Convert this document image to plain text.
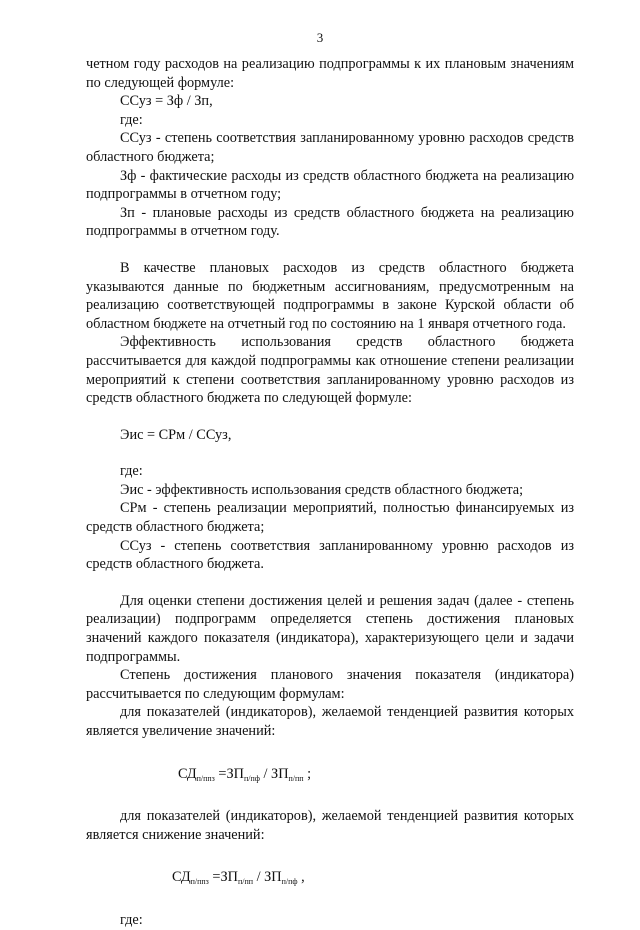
3

четном году расходов на реализацию подпрограммы к их плановым значениям по следующей формуле:

ССуз = Зф / Зп,

где:

ССуз - степень соответствия запланированному уровню расходов средств областного бюджета;

Зф - фактические расходы из средств областного бюджета на реализацию подпрограммы в отчетном году;

Зп - плановые расходы из средств областного бюджета на реализацию подпрограммы в отчетном году.

В качестве плановых расходов из средств областного бюджета указываются данные по бюджетным ассигнованиям, предусмотренным на реализацию соответствующей подпрограммы в законе Курской области об областном бюджете на отчетный год по состоянию на 1 января отчетного года.

Эффективность использования средств областного бюджета рассчитывается для каждой подпрограммы как отношение степени реализации мероприятий к степени соответствия запланированному уровню расходов из средств областного бюджета по следующей формуле:

Эис = СРм / ССуз,

где:

Эис - эффективность использования средств областного бюджета;

СРм - степень реализации мероприятий, полностью финансируемых из средств областного бюджета;

ССуз - степень соответствия запланированному уровню расходов из средств областного бюджета.

Для оценки степени достижения целей и решения задач (далее - степень реализации) подпрограмм определяется степень достижения плановых значений каждого показателя (индикатора), характеризующего цели и задачи подпрограммы.

Степень достижения планового значения показателя (индикатора) рассчитывается по следующим формулам:

для показателей (индикаторов), желаемой тенденцией развития которых является увеличение значений:

$СД_{п/ппз} =ЗП_{п/пф} / ЗП_{п/пп}$ ;

для показателей (индикаторов), желаемой тенденцией развития которых является снижение значений:

$СД_{п/ппз} =ЗП_{п/пп} / ЗП_{п/пф}$ ,

где:
